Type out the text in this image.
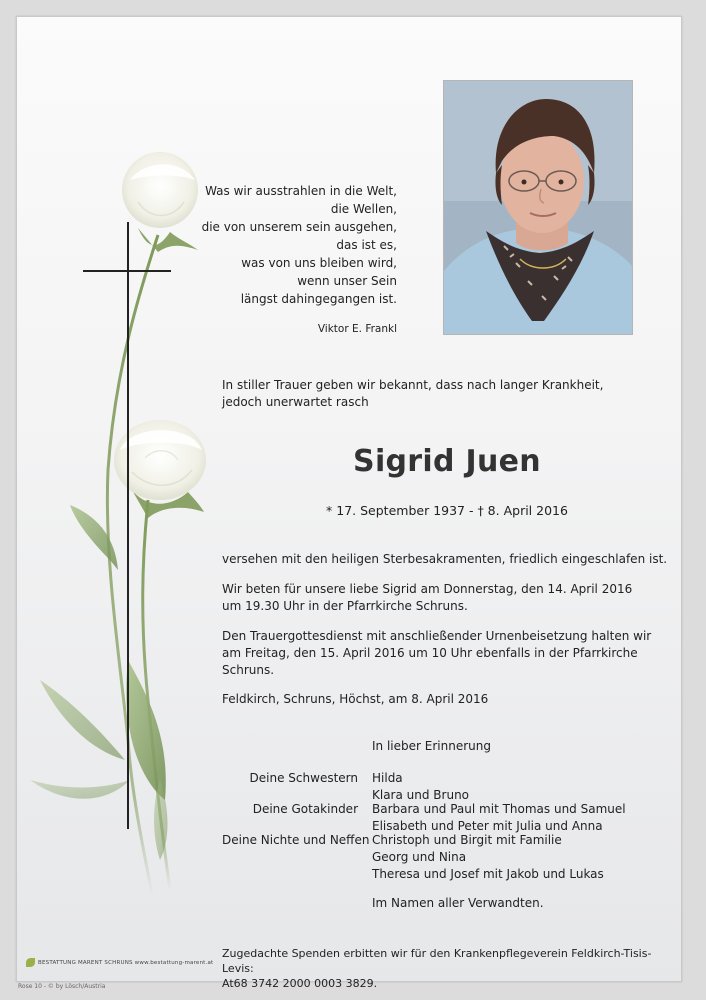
Was wir ausstrahlen in die Welt,
die Wellen,
die von unserem sein ausgehen,
das ist es,
was von uns bleiben wird,
wenn unser Sein
längst dahingegangen ist.
Viktor E. Frankl
In stiller Trauer geben wir bekannt, dass nach langer Krankheit, jedoch unerwartet rasch
Sigrid Juen
* 17. September 1937 - † 8. April 2016
versehen mit den heiligen Sterbesakramenten, friedlich eingeschlafen ist.
Wir beten für unsere liebe Sigrid am Donnerstag, den 14. April 2016
um 19.30 Uhr in der Pfarrkirche Schruns.
Den Trauergottesdienst mit anschließender Urnenbeisetzung halten wir
am Freitag, den 15. April 2016 um 10 Uhr ebenfalls in der Pfarrkirche Schruns.
Feldkirch, Schruns, Höchst, am 8. April 2016
In lieber Erinnerung
Deine Schwestern Hilda
Klara und Bruno
Deine Gotakinder Barbara und Paul mit Thomas und Samuel
Elisabeth und Peter mit Julia und Anna
Deine Nichte und Neffen Christoph und Birgit mit Familie
Georg und Nina
Theresa und Josef mit Jakob und Lukas
Im Namen aller Verwandten.
Zugedachte Spenden erbitten wir für den Krankenpflegeverein Feldkirch-Tisis-Levis:
At68 3742 2000 0003 3829.
BESTATTUNG MARENT SCHRUNS www.bestattung-marent.at
Rose 10 - © by Lösch/Austria
